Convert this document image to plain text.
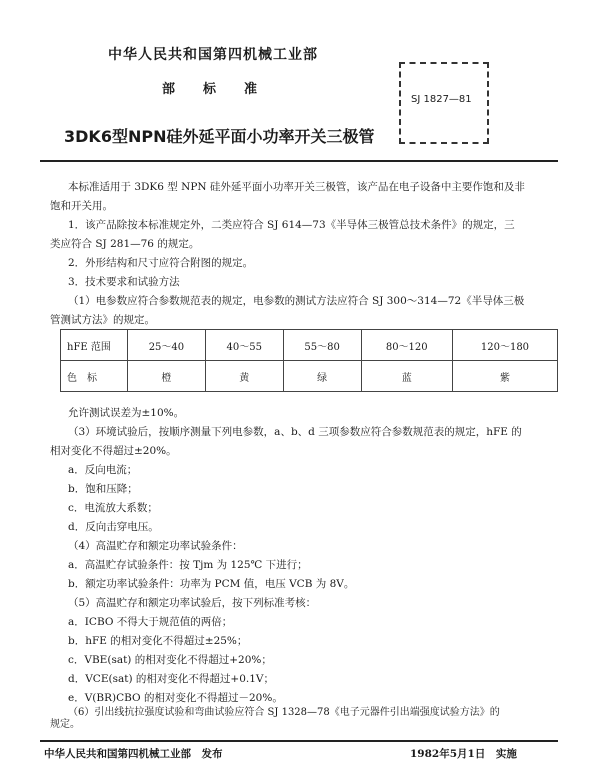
中华人民共和国第四机械工业部
部标准
SJ 1827—81
3DK6型NPN硅外延平面小功率开关三极管
本标准适用于 3DK6 型 NPN 硅外延平面小功率开关三极管，该产品在电子设备中主要作饱和及非
饱和开关用。
1．该产品除按本标准规定外，二类应符合 SJ 614—73《半导体三极管总技术条件》的规定，三
类应符合 SJ 281—76 的规定。
2．外形结构和尺寸应符合附图的规定。
3．技术要求和试验方法
（1）电参数应符合参数规范表的规定，电参数的测试方法应符合 SJ 300～314—72《半导体三极
管测试方法》的规定。
hFE 范围	25～40	40～55	55～80	80～120	120～180
色　标	橙	黄	绿	蓝	紫
允许测试误差为±10%。
（3）环境试验后，按顺序测量下列电参数，a、b、d 三项参数应符合参数规范表的规定，hFE 的
相对变化不得超过±20%。
a．反向电流；
b．饱和压降；
c．电流放大系数；
d．反向击穿电压。
（4）高温贮存和额定功率试验条件：
a．高温贮存试验条件：按 Tjm 为 125℃ 下进行；
b．额定功率试验条件：功率为 PCM 值，电压 VCB 为 8V。
（5）高温贮存和额定功率试验后，按下列标准考核：
a．ICBO 不得大于规范值的两倍；
b．hFE 的相对变化不得超过±25%；
c．VBE(sat) 的相对变化不得超过+20%；
d．VCE(sat) 的相对变化不得超过+0.1V；
e．V(BR)CBO 的相对变化不得超过－20%。
中华人民共和国第四机械工业部　发布	1982年5月1日　实施
（6）引出线抗拉强度试验和弯曲试验应符合 SJ 1328—78《电子元器件引出端强度试验方法》的
规定。
